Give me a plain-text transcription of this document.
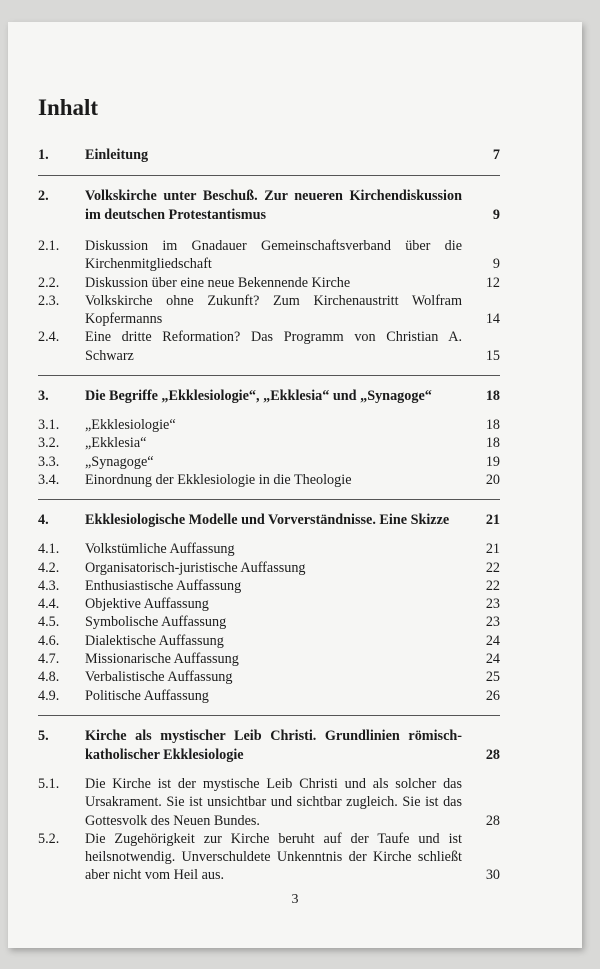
Inhalt
1.	Einleitung	7
2.	Volkskirche unter Beschuß. Zur neueren Kirchendiskussion im deutschen Protestantismus	9
2.1. Diskussion im Gnadauer Gemeinschaftsverband über die Kirchenmitgliedschaft	9
2.2. Diskussion über eine neue Bekennende Kirche	12
2.3. Volkskirche ohne Zukunft? Zum Kirchenaustritt Wolfram Kopfermanns	14
2.4. Eine dritte Reformation? Das Programm von Christian A. Schwarz	15
3.	Die Begriffe „Ekklesiologie“, „Ekklesia“ und „Synagoge“	18
3.1. „Ekklesiologie“	18
3.2. „Ekklesia“	18
3.3. „Synagoge“	19
3.4. Einordnung der Ekklesiologie in die Theologie	20
4.	Ekklesiologische Modelle und Vorverständnisse. Eine Skizze	21
4.1. Volkstümliche Auffassung	21
4.2. Organisatorisch-juristische Auffassung	22
4.3. Enthusiastische Auffassung	22
4.4. Objektive Auffassung	23
4.5. Symbolische Auffassung	23
4.6. Dialektische Auffassung	24
4.7. Missionarische Auffassung	24
4.8. Verbalistische Auffassung	25
4.9. Politische Auffassung	26
5.	Kirche als mystischer Leib Christi. Grundlinien römisch-katholischer Ekklesiologie	28
5.1. Die Kirche ist der mystische Leib Christi und als solcher das Ursakrament. Sie ist unsichtbar und sichtbar zugleich. Sie ist das Gottesvolk des Neuen Bundes.	28
5.2. Die Zugehörigkeit zur Kirche beruht auf der Taufe und ist heilsnotwendig. Unverschuldete Unkenntnis der Kirche schließt aber nicht vom Heil aus.	30
3
